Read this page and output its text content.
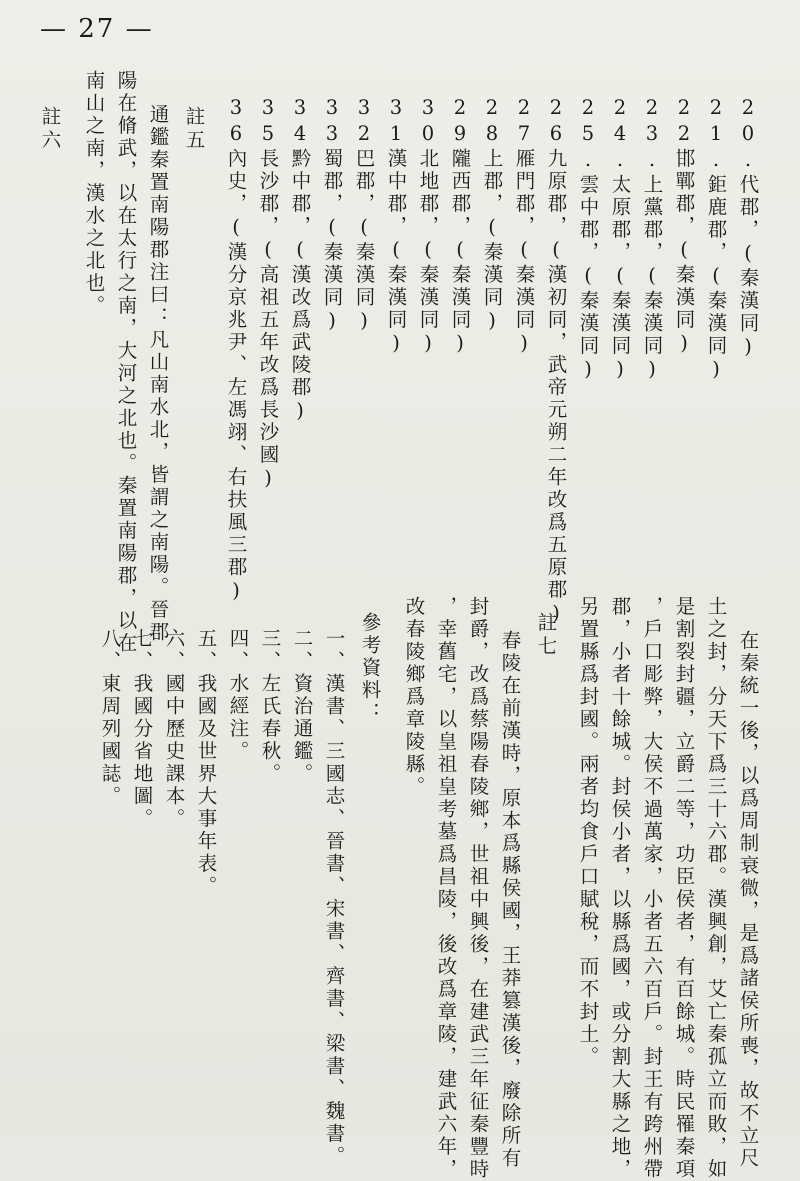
— 27 —
20.代郡，(秦漢同)
21.鉅鹿郡，(秦漢同)
22邯鄲郡，(秦漢同)
23.上黨郡，(秦漢同)
24.太原郡，(秦漢同)
25.雲中郡，(秦漢同)
26九原郡，(漢初同，武帝元朔二年改爲五原郡)
27雁門郡，(秦漢同)
28上郡，(秦漢同)
29隴西郡，(秦漢同)
30北地郡，(秦漢同)
31漢中郡，(秦漢同)
32巴郡，(秦漢同)
33蜀郡，(秦漢同)
34黔中郡，(漢改爲武陵郡)
35長沙郡，(高祖五年改爲長沙國)
36內史，(漢分京兆尹、左馮翊、右扶風三郡)
註五
通鑑秦置南陽郡注曰：凡山南水北，皆謂之南陽。晉郡
陽在脩武，以在太行之南，大河之北也。秦置南陽郡，以在
南山之南，漢水之北也。
註六
在秦統一後，以爲周制衰微，是爲諸侯所喪，故不立尺
土之封，分天下爲三十六郡。漢興創，艾亡秦孤立而敗，如
是割裂封疆，立爵二等，功臣侯者，有百餘城。時民罹秦項
，戶口彫弊，大侯不過萬家，小者五六百戶。封王有跨州帶
郡，小者十餘城。封侯小者，以縣爲國，或分割大縣之地，
另置縣爲封國。兩者均食戶口賦稅，而不封土。
註七
春陵在前漢時，原本爲縣侯國，王莽篡漢後，廢除所有
封爵，改爲蔡陽春陵鄉，世祖中興後，在建武三年征秦豐時
，幸舊宅，以皇祖皇考墓爲昌陵，後改爲章陵，建武六年，
改春陵鄉爲章陵縣。
參考資料：
一、漢書、三國志、晉書、宋書、齊書、梁書、魏書。
二、資治通鑑。
三、左氏春秋。
四、水經注。
五、我國及世界大事年表。
六、國中歷史課本。
七、我國分省地圖。
八、東周列國誌。
